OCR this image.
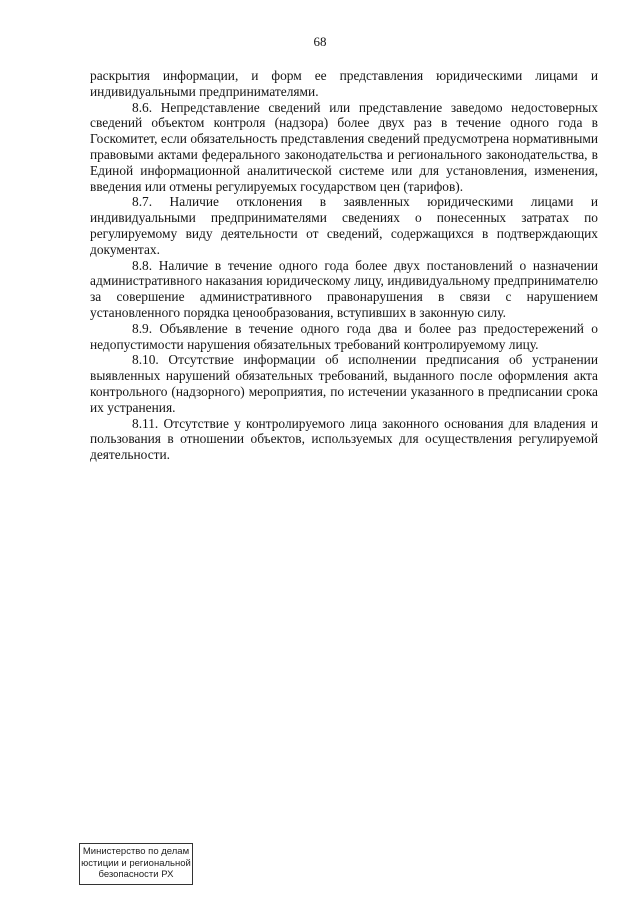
68

раскрытия информации, и форм ее представления юридическими лицами и индивидуальными предпринимателями.

8.6. Непредставление сведений или представление заведомо недостоверных сведений объектом контроля (надзора) более двух раз в течение одного года в Госкомитет, если обязательность представления сведений предусмотрена нормативными правовыми актами федерального законодательства и регионального законодательства, в Единой информационной аналитической системе или для установления, изменения, введения или отмены регулируемых государством цен (тарифов).

8.7. Наличие отклонения в заявленных юридическими лицами и индивидуальными предпринимателями сведениях о понесенных затратах по регулируемому виду деятельности от сведений, содержащихся в подтверждающих документах.

8.8. Наличие в течение одного года более двух постановлений о назначении административного наказания юридическому лицу, индивидуальному предпринимателю за совершение административного правонарушения в связи с нарушением установленного порядка ценообразования, вступивших в законную силу.

8.9. Объявление в течение одного года два и более раз предостережений о недопустимости нарушения обязательных требований контролируемому лицу.

8.10. Отсутствие информации об исполнении предписания об устранении выявленных нарушений обязательных требований, выданного после оформления акта контрольного (надзорного) мероприятия, по истечении указанного в предписании срока их устранения.

8.11. Отсутствие у контролируемого лица законного основания для владения и пользования в отношении объектов, используемых для осуществления регулируемой деятельности.

Министерство по делам
юстиции и региональной
безопасности РХ
